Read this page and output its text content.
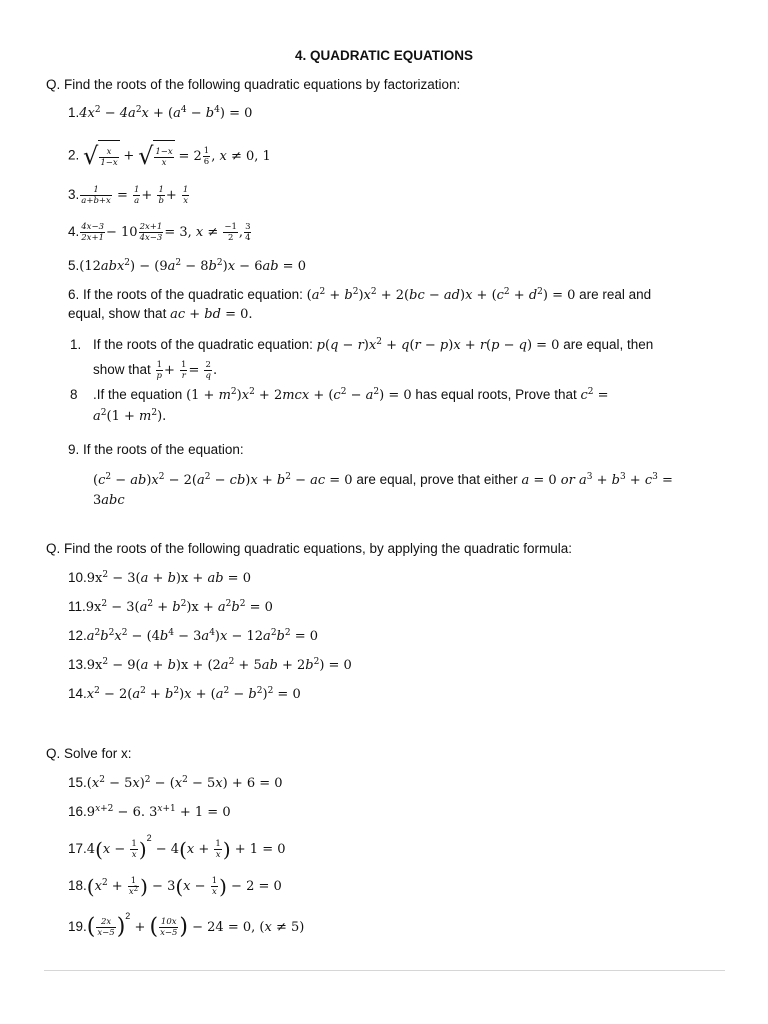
4. QUADRATIC EQUATIONS
Q. Find the roots of the following quadratic equations by factorization:
$1.4x^2 - 4a^2x + (a^4 - b^4) = 0$
2. √ $\frac{x}{1-x}$ + √ $\frac{1-x}{x} = 2 \frac{1}{6}$ , x ≠ 0, 1
3. $\frac{1}{a+b+x} = \frac{1}{a} + \frac{1}{b} + \frac{1}{x}$
4. $\frac{4x-3}{2x+1} - 10 \frac{2x+1}{4x-3} = 3$, $x \ne \frac{-1}{2}$ , $\frac{3}{4}$
$5.(12abx^2) - (9a^2 - 8b^2)x - 6ab = 0$
6. If the roots of the quadratic equation: $(a^2 + b^2)x^2 + 2(bc - ad)x + (c^2 + d^2) = 0$ are real and
equal, show that ac + bd = 0.
1. If the roots of the quadratic equation: $p(q - r)x^2 + q(r - p)x + r(p - q) = 0$ are equal, then
show that $\frac{1}{p} + \frac{1}{r} = \frac{2}{q}$ .
8 .If the equation $(1 + m^2)x^2 + 2mcx + (c^2 - a^2) = 0$ has equal roots, Prove that $c^2$ =
$a^2(1 + m^2)$.
9. If the roots of the equation:
$(c^2 - ab)x^2 - 2(a^2 - cb)x + b^2$ − ac = 0 are equal, prove that either a = 0 or $a^3 + b^3 + c^3$ =
3abc
Q. Find the roots of the following quadratic equations, by applying the quadratic formula:
$10.9x^2 - 3(a + b)x$ + ab = 0
$11.9x^2 - 3(a^2 + b^2)x + a^2b^2 = 0$
$12.a^2b^2x^2 - (4b^4 - 3a^4)x - 12a^2b^2 = 0$
$13.9x^2 - 9(a + b)x + (2a^2 + 5ab + 2b^2) = 0$
$14.x^2 - 2(a^2 + b^2)x + (a^2 - b^2)^2 = 0$
Q. Solve for x:
$15.(x^2 - 5x)^2 - (x^2 - 5x) + 6 = 0$
$16.9^{x+2} - 6$. $3^{x+1} + 1 = 0$
$17.4(x - \frac{1}{x} )^2 - 4(x + \frac{1}{x}$ ) + 1 = 0
$18.(x^2 + \frac{1}{x^2}$ ) − $3(x - \frac{1}{x}$ ) − 2 = 0
$19.( \frac{2x}{x-5} )^2$ + ( $\frac{10x}{x-5}$ ) − 24 = 0, (x ≠ 5)
